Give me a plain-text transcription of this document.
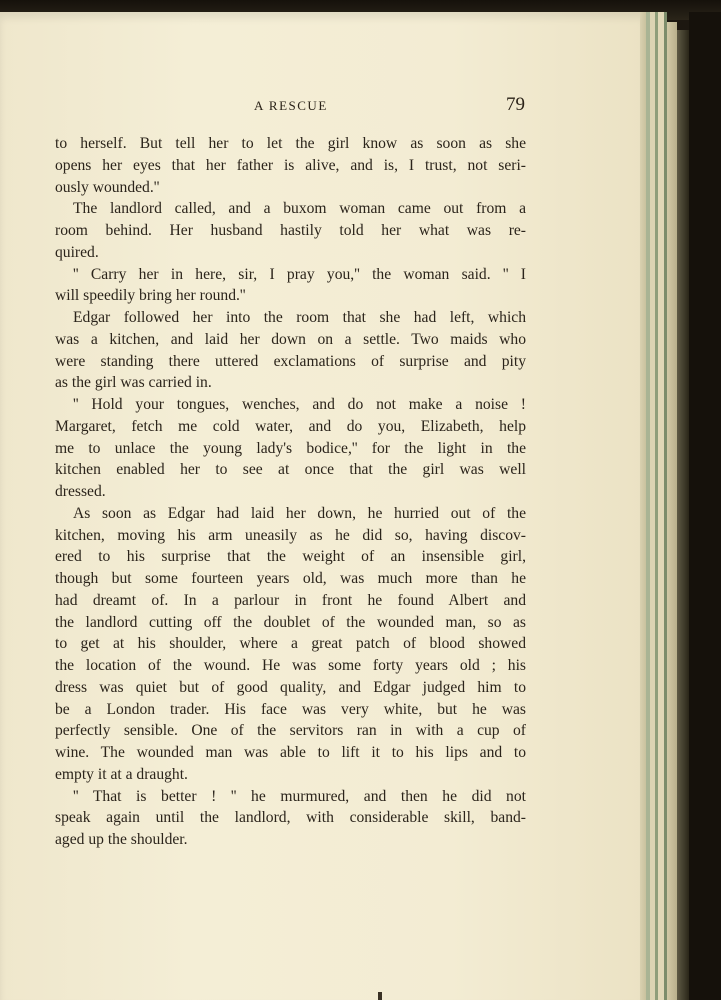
A RESCUE	79
to herself. But tell her to let the girl know as soon as she
opens her eyes that her father is alive, and is, I trust, not seri-
ously wounded.''
The landlord called, and a buxom woman came out from a
room behind. Her husband hastily told her what was re-
quired.
'' Carry her in here, sir, I pray you,'' the woman said. '' I
will speedily bring her round.''
Edgar followed her into the room that she had left, which
was a kitchen, and laid her down on a settle. Two maids who
were standing there uttered exclamations of surprise and pity
as the girl was carried in.
'' Hold your tongues, wenches, and do not make a noise !
Margaret, fetch me cold water, and do you, Elizabeth, help
me to unlace the young lady's bodice,'' for the light in the
kitchen enabled her to see at once that the girl was well
dressed.
As soon as Edgar had laid her down, he hurried out of the
kitchen, moving his arm uneasily as he did so, having discov-
ered to his surprise that the weight of an insensible girl,
though but some fourteen years old, was much more than he
had dreamt of. In a parlour in front he found Albert and
the landlord cutting off the doublet of the wounded man, so as
to get at his shoulder, where a great patch of blood showed
the location of the wound. He was some forty years old ; his
dress was quiet but of good quality, and Edgar judged him to
be a London trader. His face was very white, but he was
perfectly sensible. One of the servitors ran in with a cup of
wine. The wounded man was able to lift it to his lips and to
empty it at a draught.
'' That is better ! '' he murmured, and then he did not
speak again until the landlord, with considerable skill, band-
aged up the shoulder.
